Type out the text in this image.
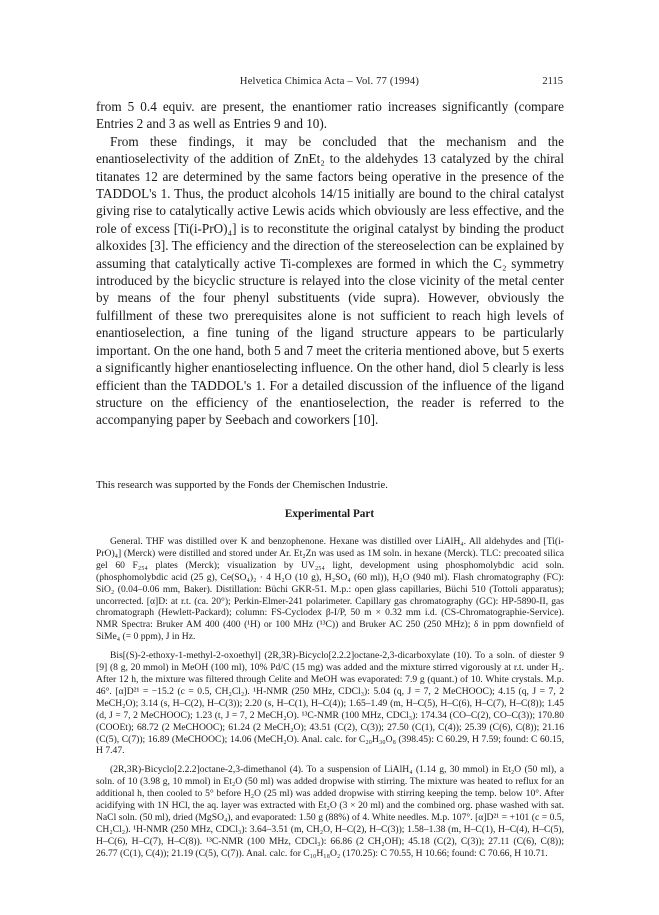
Helvetica Chimica Acta – Vol. 77 (1994)	2115

from 5 0.4 equiv. are present, the enantiomer ratio increases significantly (compare Entries 2 and 3 as well as Entries 9 and 10).

From these findings, it may be concluded that the mechanism and the enantioselectivity of the addition of ZnEt₂ to the aldehydes 13 catalyzed by the chiral titanates 12 are determined by the same factors being operative in the presence of the TADDOL's 1. Thus, the product alcohols 14/15 initially are bound to the chiral catalyst giving rise to catalytically active Lewis acids which obviously are less effective, and the role of excess [Ti(i-PrO)₄] is to reconstitute the original catalyst by binding the product alkoxides [3]. The efficiency and the direction of the stereoselection can be explained by assuming that catalytically active Ti-complexes are formed in which the C₂ symmetry introduced by the bicyclic structure is relayed into the close vicinity of the metal center by means of the four phenyl substituents (vide supra). However, obviously the fulfillment of these two prerequisites alone is not sufficient to reach high levels of enantioselection, a fine tuning of the ligand structure appears to be particularly important. On the one hand, both 5 and 7 meet the criteria mentioned above, but 5 exerts a significantly higher enantioselecting influence. On the other hand, diol 5 clearly is less efficient than the TADDOL's 1. For a detailed discussion of the influence of the ligand structure on the efficiency of the enantioselection, the reader is referred to the accompanying paper by Seebach and coworkers [10].

This research was supported by the Fonds der Chemischen Industrie.
Experimental Part

General. THF was distilled over K and benzophenone. Hexane was distilled over LiAlH₄. All aldehydes and [Ti(i-PrO)₄] (Merck) were distilled and stored under Ar. Et₂Zn was used as 1M soln. in hexane (Merck). TLC: precoated silica gel 60 F₂₅₄ plates (Merck); visualization by UV₂₅₄ light, development using phosphomolybdic acid soln. (phosphomolybdic acid (25 g), Ce(SO₄)₂ · 4 H₂O (10 g), H₂SO₄ (60 ml)), H₂O (940 ml). Flash chromatography (FC): SiO₂ (0.04–0.06 mm, Baker). Distillation: Büchi GKR-51. M.p.: open glass capillaries, Büchi 510 (Tottoli apparatus); uncorrected. [α]D: at r.t. (ca. 20°); Perkin-Elmer-241 polarimeter. Capillary gas chromatography (GC): HP-5890-II, gas chromatograph (Hewlett-Packard); column: FS-Cyclodex β-I/P, 50 m × 0.32 mm i.d. (CS-Chromatographie-Service). NMR Spectra: Bruker AM 400 (400 (¹H) or 100 MHz (¹³C)) and Bruker AC 250 (250 MHz); δ in ppm downfield of SiMe₄ (= 0 ppm), J in Hz.

Bis[(S)-2-ethoxy-1-methyl-2-oxoethyl] (2R,3R)-Bicyclo[2.2.2]octane-2,3-dicarboxylate (10). To a soln. of diester 9 [9] (8 g, 20 mmol) in MeOH (100 ml), 10% Pd/C (15 mg) was added and the mixture stirred vigorously at r.t. under H₂. After 12 h, the mixture was filtered through Celite and MeOH was evaporated: 7.9 g (quant.) of 10. White crystals. M.p. 46°. [α]D²¹ = −15.2 (c = 0.5, CH₂Cl₂). ¹H-NMR (250 MHz, CDCl₃): 5.04 (q, J = 7, 2 MeCHOOC); 4.15 (q, J = 7, 2 MeCH₂O); 3.14 (s, H–C(2), H–C(3)); 2.20 (s, H–C(1), H–C(4)); 1.65–1.49 (m, H–C(5), H–C(6), H–C(7), H–C(8)); 1.45 (d, J = 7, 2 MeCHOOC); 1.23 (t, J = 7, 2 MeCH₂O). ¹³C-NMR (100 MHz, CDCl₃): 174.34 (CO–C(2), CO–C(3)); 170.80 (COOEt); 68.72 (2 MeCHOOC); 61.24 (2 MeCH₂O); 43.51 (C(2), C(3)); 27.50 (C(1), C(4)); 25.39 (C(6), C(8)); 21.16 (C(5), C(7)); 16.89 (MeCHOOC); 14.06 (MeCH₂O). Anal. calc. for C₂₀H₃₀O₈ (398.45): C 60.29, H 7.59; found: C 60.15, H 7.47.

(2R,3R)-Bicyclo[2.2.2]octane-2,3-dimethanol (4). To a suspension of LiAlH₄ (1.14 g, 30 mmol) in Et₂O (50 ml), a soln. of 10 (3.98 g, 10 mmol) in Et₂O (50 ml) was added dropwise with stirring. The mixture was heated to reflux for an additional h, then cooled to 5° before H₂O (25 ml) was added dropwise with stirring keeping the temp. below 10°. After acidifying with 1N HCl, the aq. layer was extracted with Et₂O (3 × 20 ml) and the combined org. phase washed with sat. NaCl soln. (50 ml), dried (MgSO₄), and evaporated: 1.50 g (88%) of 4. White needles. M.p. 107°. [α]D²¹ = +101 (c = 0.5, CH₂Cl₂). ¹H-NMR (250 MHz, CDCl₃): 3.64–3.51 (m, CH₂O, H–C(2), H–C(3)); 1.58–1.38 (m, H–C(1), H–C(4), H–C(5), H–C(6), H–C(7), H–C(8)). ¹³C-NMR (100 MHz, CDCl₃): 66.86 (2 CH₂OH); 45.18 (C(2), C(3)); 27.11 (C(6), C(8)); 26.77 (C(1), C(4)); 21.19 (C(5), C(7)). Anal. calc. for C₁₀H₁₈O₂ (170.25): C 70.55, H 10.66; found: C 70.66, H 10.71.
